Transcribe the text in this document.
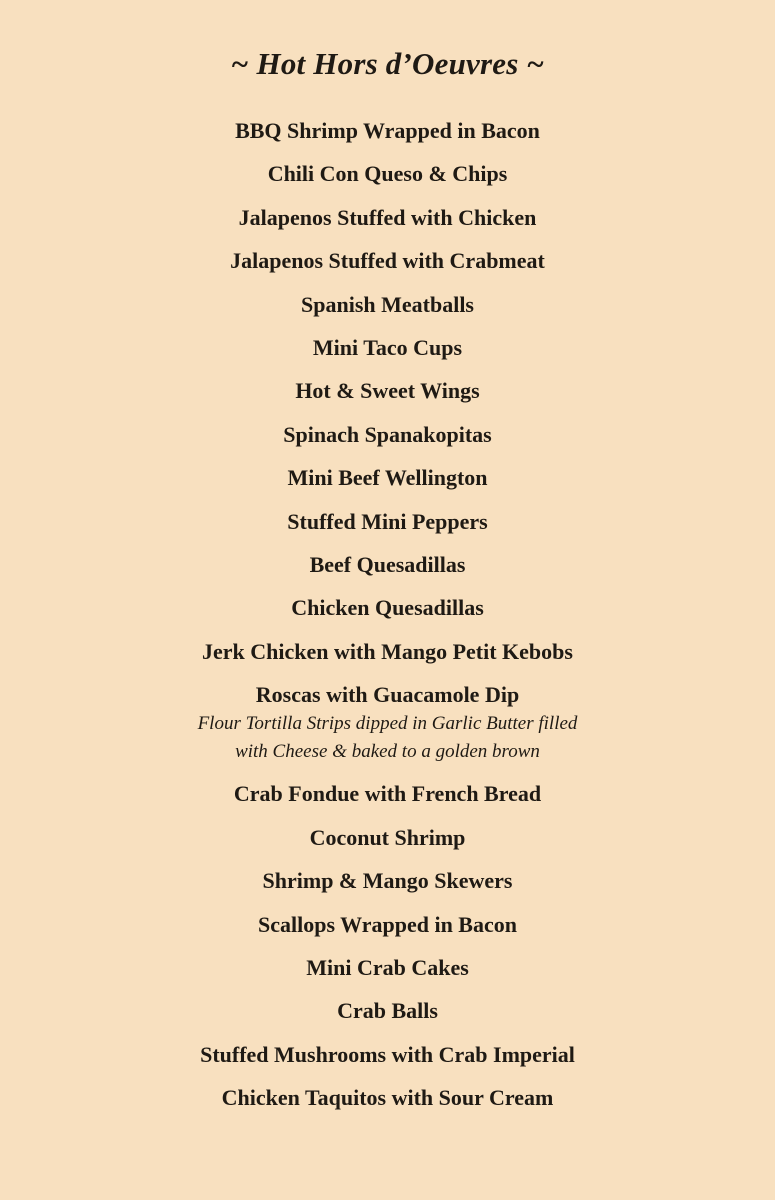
~ Hot Hors d’Oeuvres ~
BBQ Shrimp Wrapped in Bacon
Chili Con Queso & Chips
Jalapenos Stuffed with Chicken
Jalapenos Stuffed with Crabmeat
Spanish Meatballs
Mini Taco Cups
Hot & Sweet Wings
Spinach Spanakopitas
Mini Beef Wellington
Stuffed Mini Peppers
Beef Quesadillas
Chicken Quesadillas
Jerk Chicken with Mango Petit Kebobs
Roscas with Guacamole Dip
Flour Tortilla Strips dipped in Garlic Butter filled
with Cheese & baked to a golden brown
Crab Fondue with French Bread
Coconut Shrimp
Shrimp & Mango Skewers
Scallops Wrapped in Bacon
Mini Crab Cakes
Crab Balls
Stuffed Mushrooms with Crab Imperial
Chicken Taquitos with Sour Cream
